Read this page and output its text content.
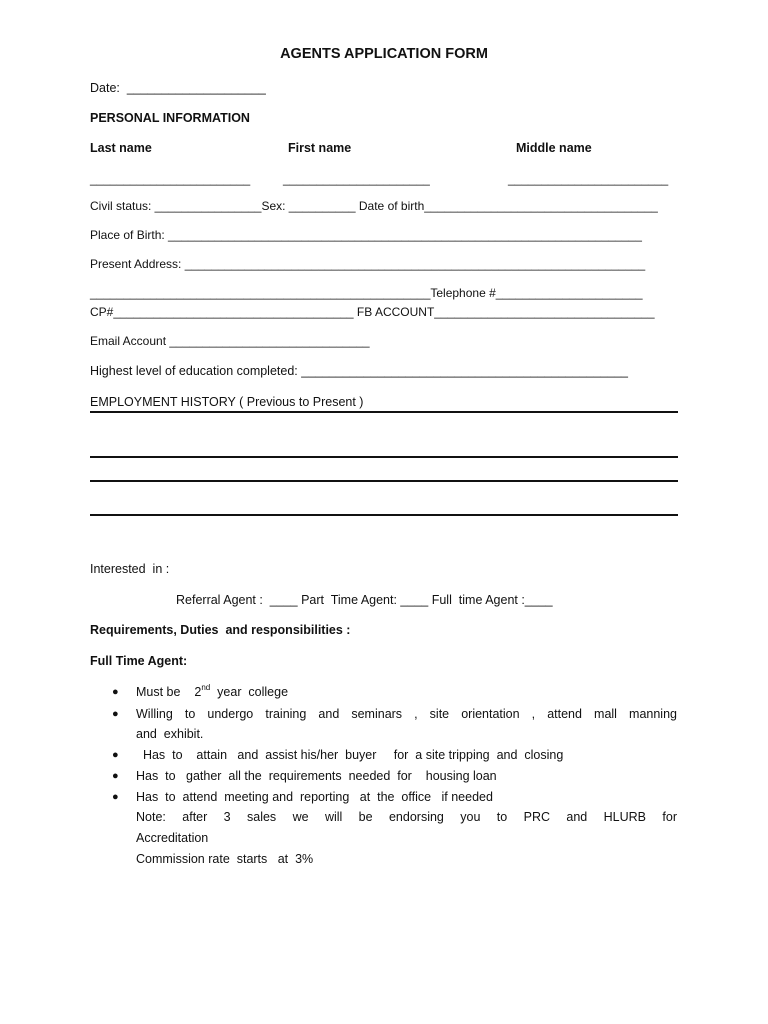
AGENTS APPLICATION FORM
Date:  ____________________
PERSONAL INFORMATION
Last name	First name	Middle name
________________________	______________________	________________________
Civil status: ________________Sex: __________ Date of birth___________________________________
Place of Birth: _______________________________________________________________________
Present Address: _____________________________________________________________________
___________________________________________________Telephone #______________________
CP#____________________________________ FB ACCOUNT_________________________________
Email Account ______________________________
Highest level of education completed: _______________________________________________
EMPLOYMENT HISTORY ( Previous to Present )
Interested  in :
Referral Agent :  ____ Part  Time Agent: ____ Full  time Agent :____
Requirements, Duties  and responsibilities :
Full Time Agent:
● Must be    2nd  year  college
● Willing to undergo training and seminars , site orientation , attend mall manning
and  exhibit.
● Has  to    attain   and  assist his/her  buyer     for  a site tripping  and  closing
● Has  to   gather  all the  requirements  needed  for    housing loan
● Has  to  attend  meeting and  reporting   at  the  office   if needed
Note: after 3 sales we will be endorsing you to PRC and HLURB for
Accreditation
Commission rate  starts   at  3%
